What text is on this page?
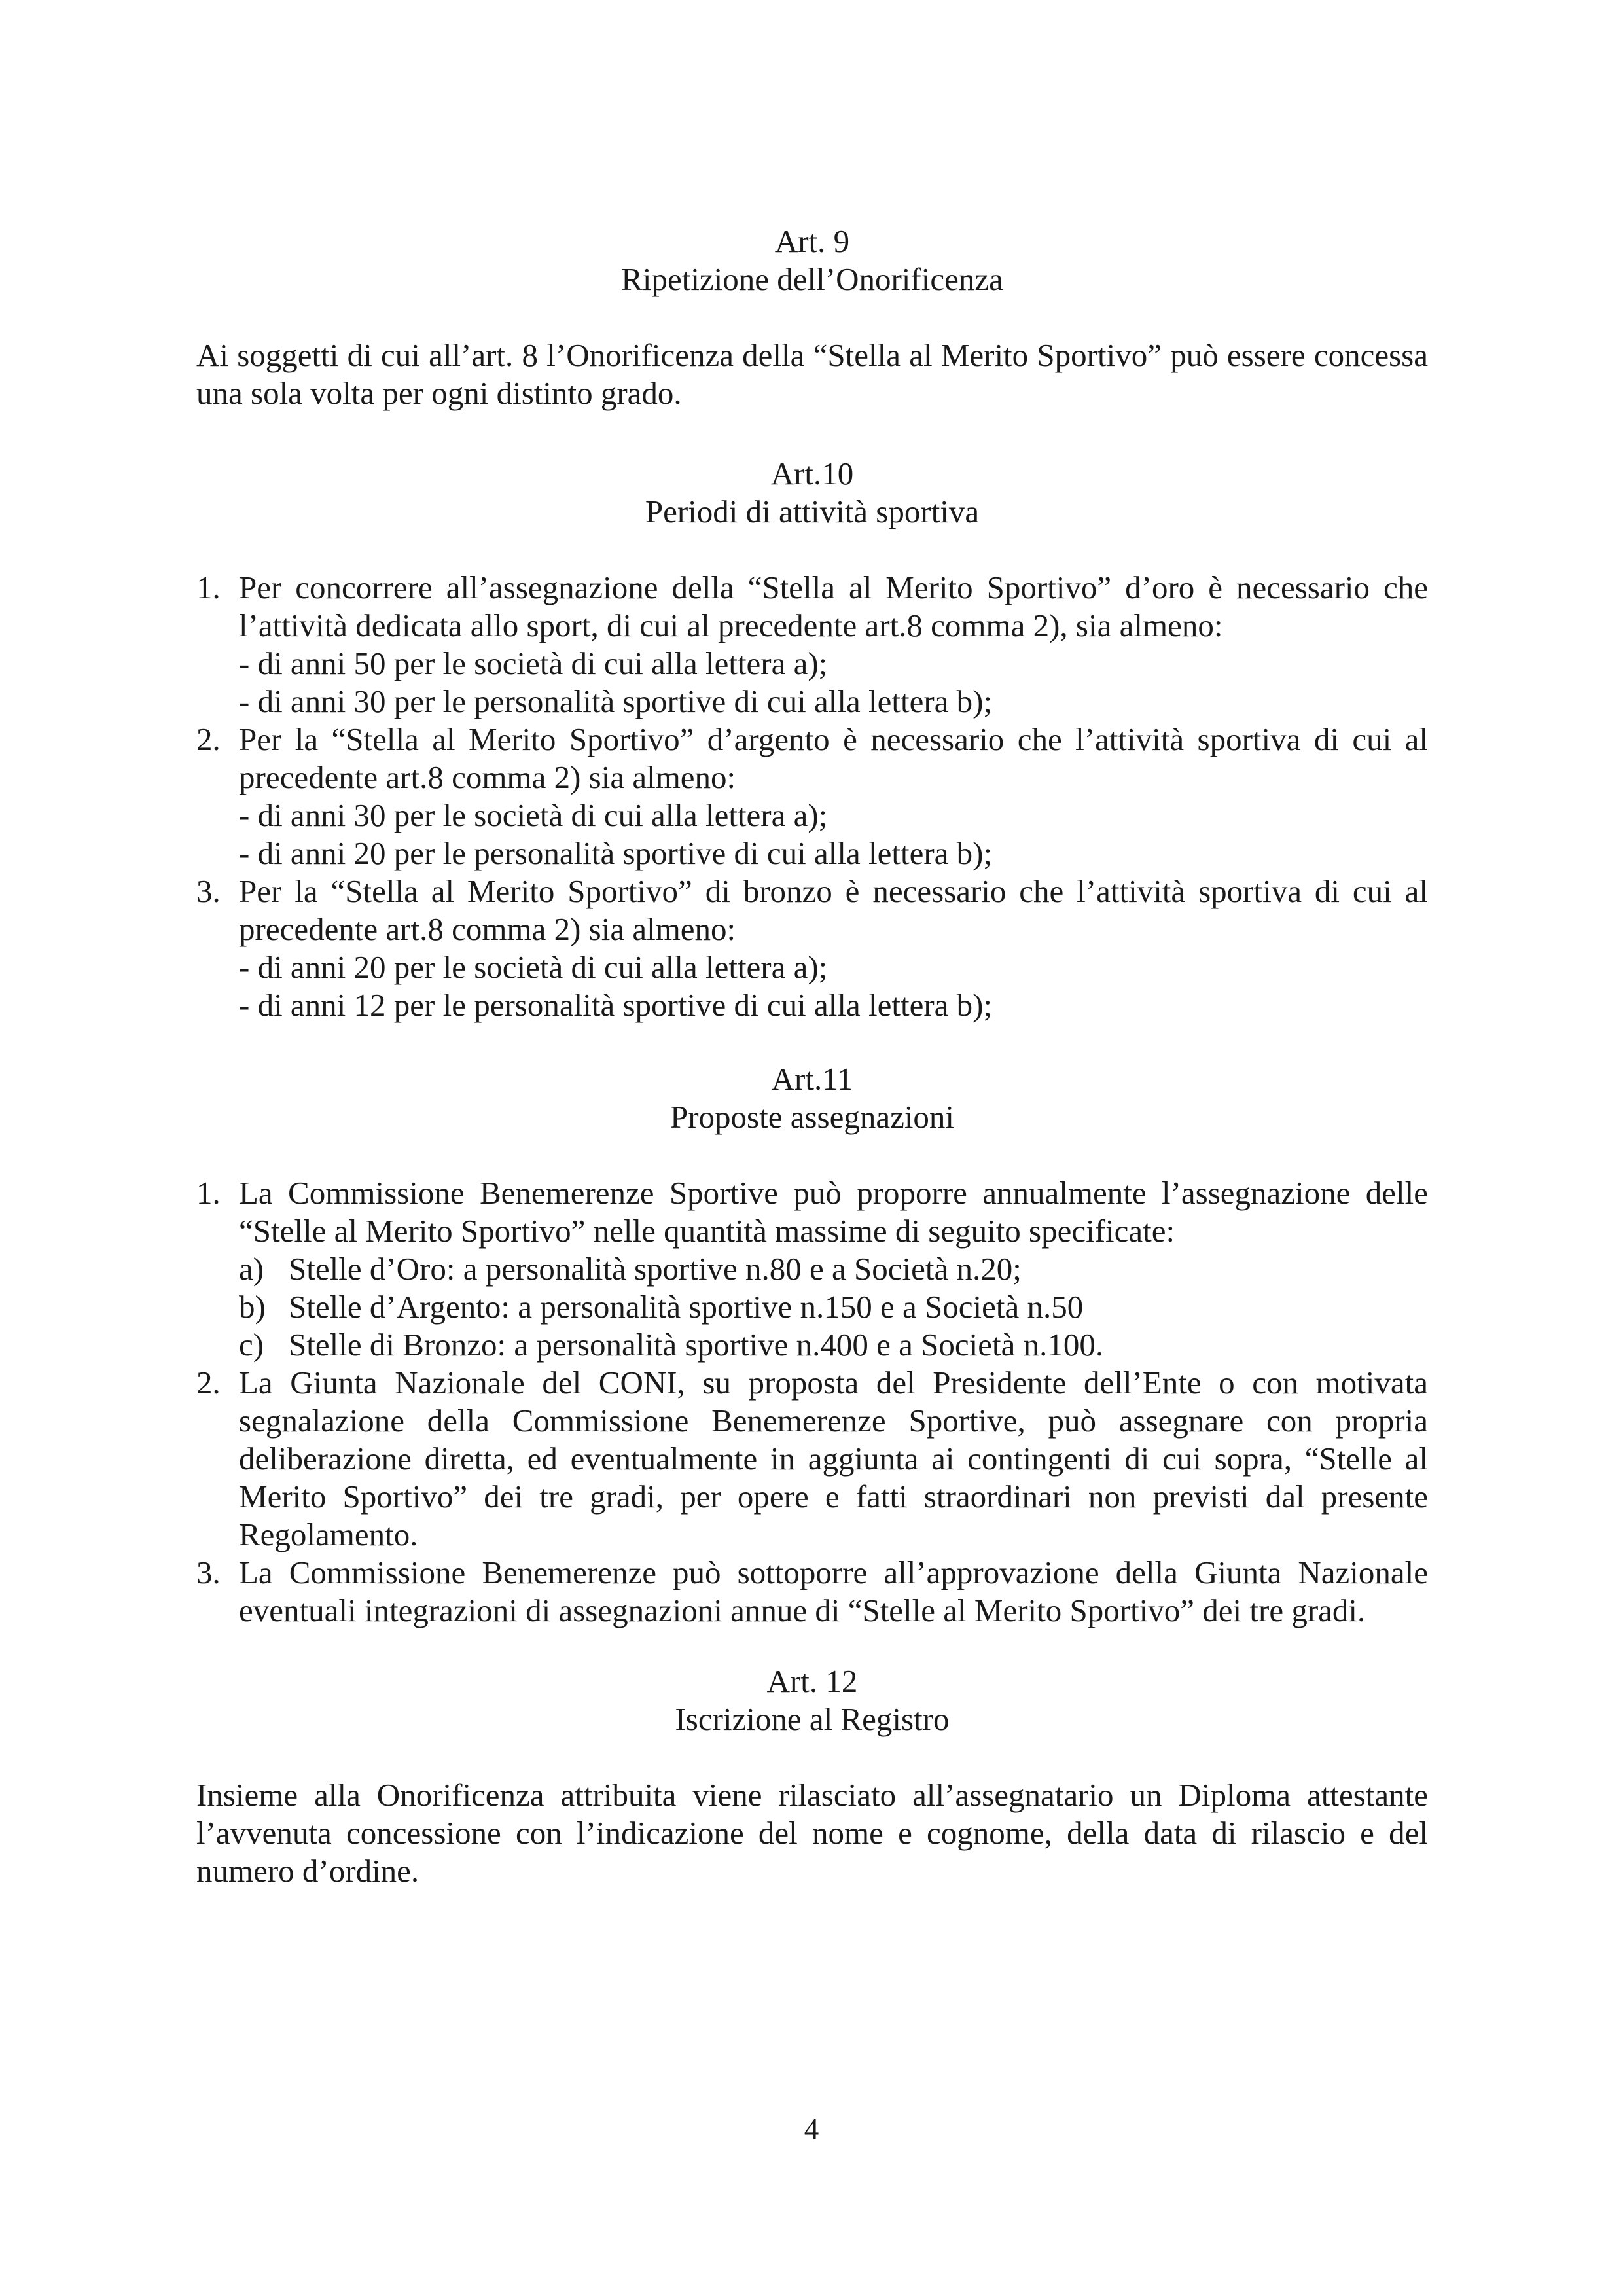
Art. 9
Ripetizione dell’Onorificenza

Ai soggetti di cui all’art. 8 l’Onorificenza della “Stella al Merito Sportivo” può essere concessa una sola volta per ogni distinto grado.

Art.10
Periodi di attività sportiva
1. Per concorrere all’assegnazione della “Stella al Merito Sportivo” d’oro è necessario che l’attività dedicata allo sport, di cui al precedente art.8 comma 2), sia almeno:
- di anni 50 per le società di cui alla lettera a);
- di anni 30 per le personalità sportive di cui alla lettera b);
2. Per la “Stella al Merito Sportivo” d’argento è necessario che l’attività sportiva di cui al precedente art.8 comma 2) sia almeno:
- di anni 30 per le società di cui alla lettera a);
- di anni 20 per le personalità sportive di cui alla lettera b);
3. Per la “Stella al Merito Sportivo” di bronzo è necessario che l’attività sportiva di cui al precedente art.8 comma 2) sia almeno:
- di anni 20 per le società di cui alla lettera a);
- di anni 12 per le personalità sportive di cui alla lettera b);
Art.11
Proposte assegnazioni
1. La Commissione Benemerenze Sportive può proporre annualmente l’assegnazione delle “Stelle al Merito Sportivo” nelle quantità massime di seguito specificate:
a) Stelle d’Oro: a personalità sportive n.80 e a Società n.20;
b) Stelle d’Argento: a personalità sportive n.150 e a Società n.50
c) Stelle di Bronzo: a personalità sportive n.400 e a Società n.100.
2. La Giunta Nazionale del CONI, su proposta del Presidente dell’Ente o con motivata segnalazione della Commissione Benemerenze Sportive, può assegnare con propria deliberazione diretta, ed eventualmente in aggiunta ai contingenti di cui sopra, “Stelle al Merito Sportivo” dei tre gradi, per opere e fatti straordinari non previsti dal presente Regolamento.
3. La Commissione Benemerenze può sottoporre all’approvazione della Giunta Nazionale eventuali integrazioni di assegnazioni annue di “Stelle al Merito Sportivo” dei tre gradi.
Art. 12
Iscrizione al Registro

Insieme alla Onorificenza attribuita viene rilasciato all’assegnatario un Diploma attestante l’avvenuta concessione con l’indicazione del nome e cognome, della data di rilascio e del numero d’ordine.

4
